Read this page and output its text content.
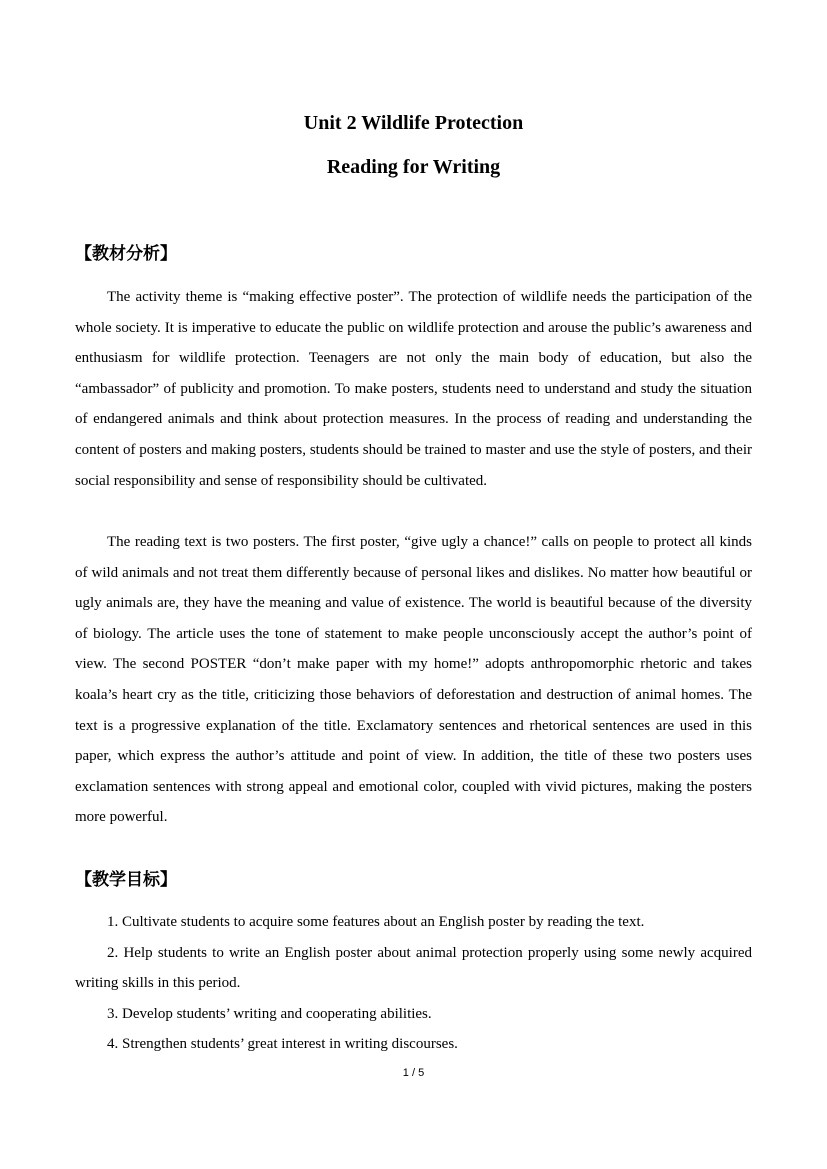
Unit 2 Wildlife Protection
Reading for Writing
【教材分析】

The activity theme is “making effective poster”. The protection of wildlife needs the participation of the whole society. It is imperative to educate the public on wildlife protection and arouse the public’s awareness and enthusiasm for wildlife protection. Teenagers are not only the main body of education, but also the “ambassador” of publicity and promotion. To make posters, students need to understand and study the situation of endangered animals and think about protection measures. In the process of reading and understanding the content of posters and making posters, students should be trained to master and use the style of posters, and their social responsibility and sense of responsibility should be cultivated.

The reading text is two posters. The first poster, “give ugly a chance!” calls on people to protect all kinds of wild animals and not treat them differently because of personal likes and dislikes. No matter how beautiful or ugly animals are, they have the meaning and value of existence. The world is beautiful because of the diversity of biology. The article uses the tone of statement to make people unconsciously accept the author’s point of view. The second POSTER “don’t make paper with my home!” adopts anthropomorphic rhetoric and takes koala’s heart cry as the title, criticizing those behaviors of deforestation and destruction of animal homes. The text is a progressive explanation of the title. Exclamatory sentences and rhetorical sentences are used in this paper, which express the author’s attitude and point of view. In addition, the title of these two posters uses exclamation sentences with strong appeal and emotional color, coupled with vivid pictures, making the posters more powerful.

【教学目标】
1. Cultivate students to acquire some features about an English poster by reading the text.
2. Help students to write an English poster about animal protection properly using some newly acquired writing skills in this period.
3. Develop students’ writing and cooperating abilities.
4. Strengthen students’ great interest in writing discourses.
1 / 5
